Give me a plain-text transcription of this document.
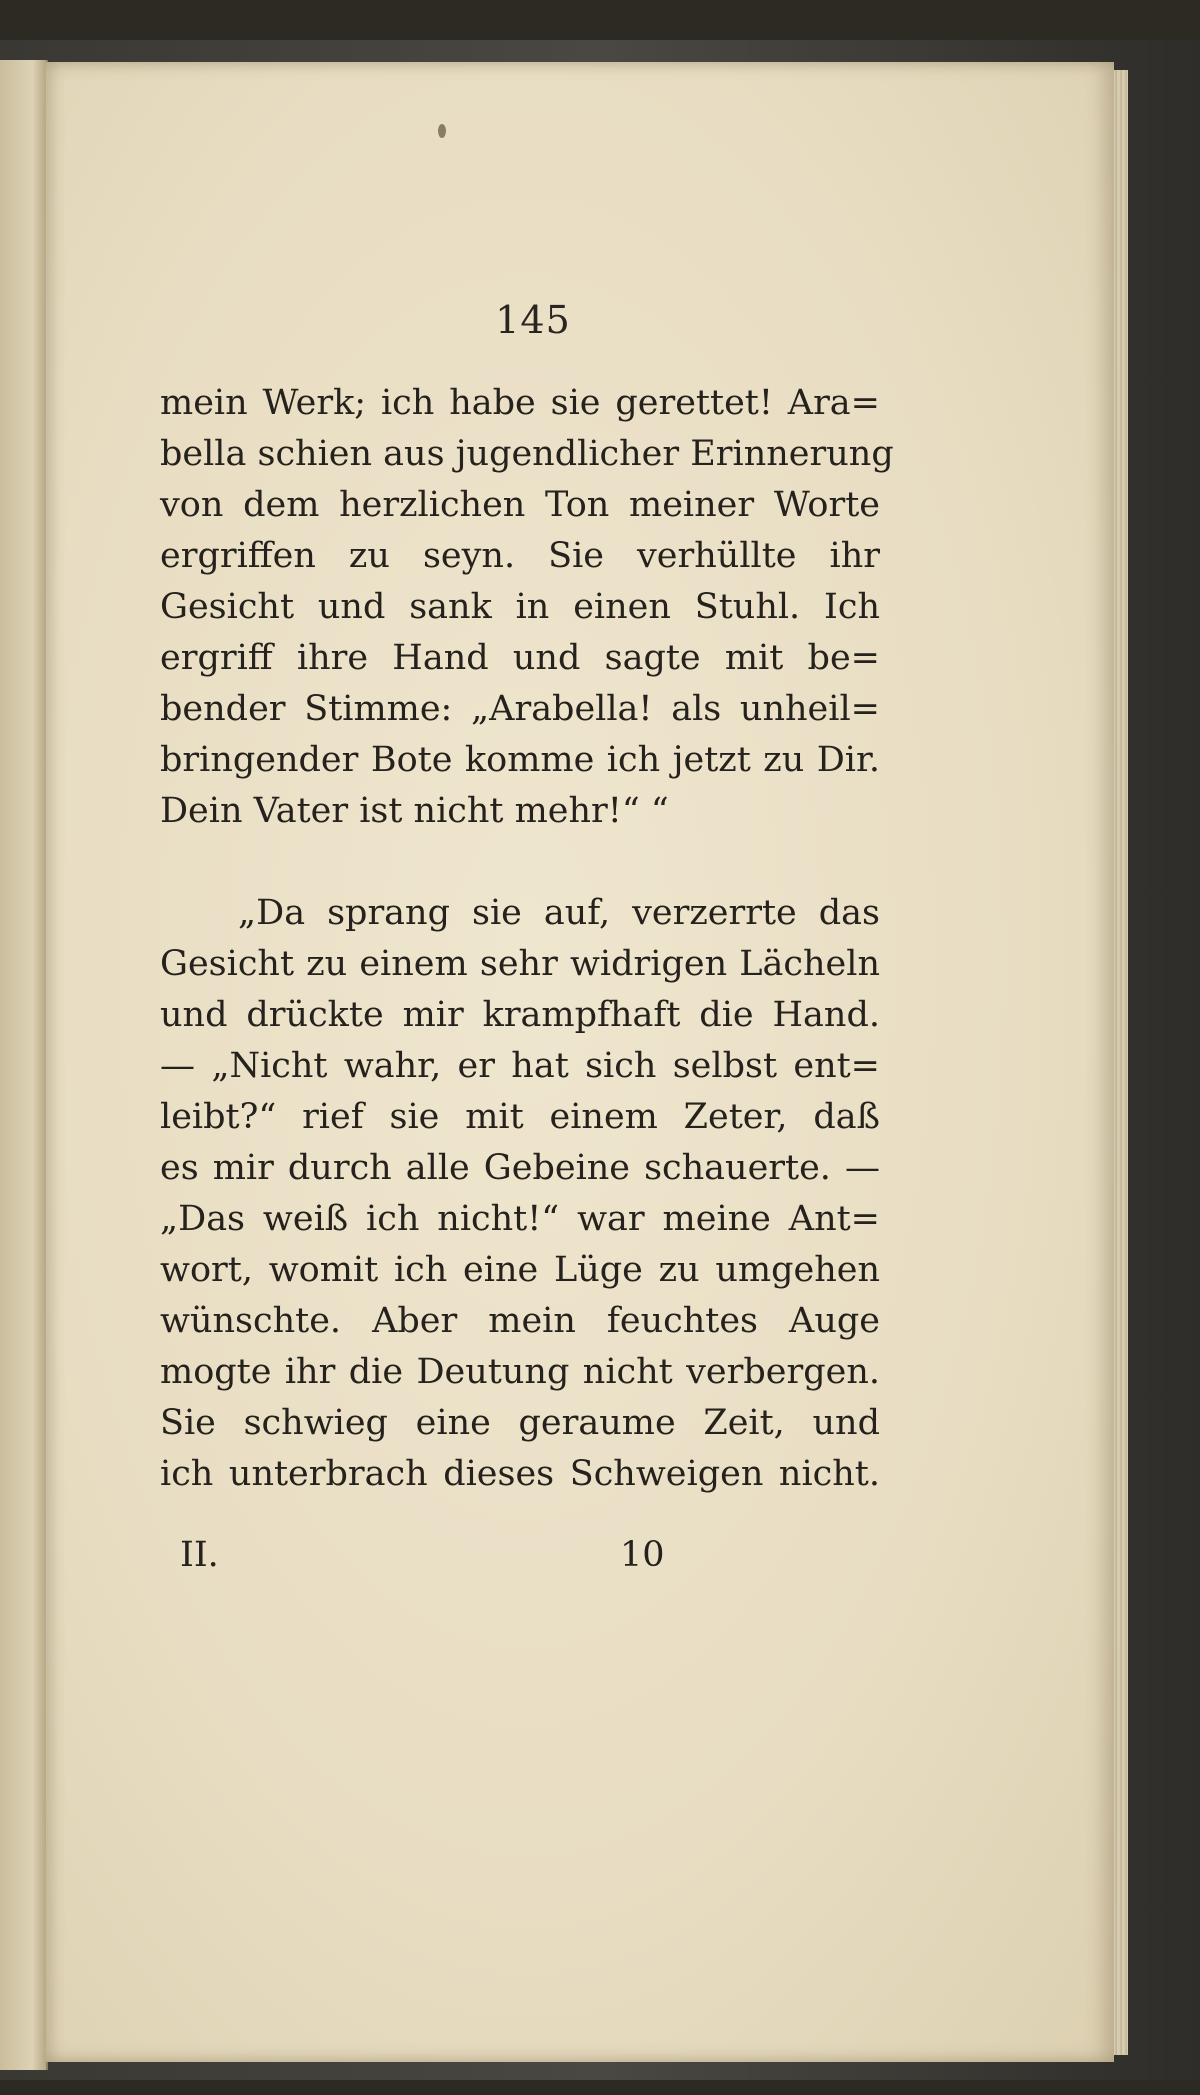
145
mein Werk; ich habe sie gerettet! Ara=
bella schien aus jugendlicher Erinnerung
von dem herzlichen Ton meiner Worte
ergriffen zu seyn. Sie verhüllte ihr
Gesicht und sank in einen Stuhl. Ich
ergriff ihre Hand und sagte mit be=
bender Stimme: „Arabella! als unheil=
bringender Bote komme ich jetzt zu Dir.
Dein Vater ist nicht mehr!“ “
„Da sprang sie auf, verzerrte das
Gesicht zu einem sehr widrigen Lächeln
und drückte mir krampfhaft die Hand.
— „Nicht wahr, er hat sich selbst ent=
leibt?“ rief sie mit einem Zeter, daß
es mir durch alle Gebeine schauerte. —
„Das weiß ich nicht!“ war meine Ant=
wort, womit ich eine Lüge zu umgehen
wünschte. Aber mein feuchtes Auge
mogte ihr die Deutung nicht verbergen.
Sie schwieg eine geraume Zeit, und
ich unterbrach dieses Schweigen nicht.
II.	10
